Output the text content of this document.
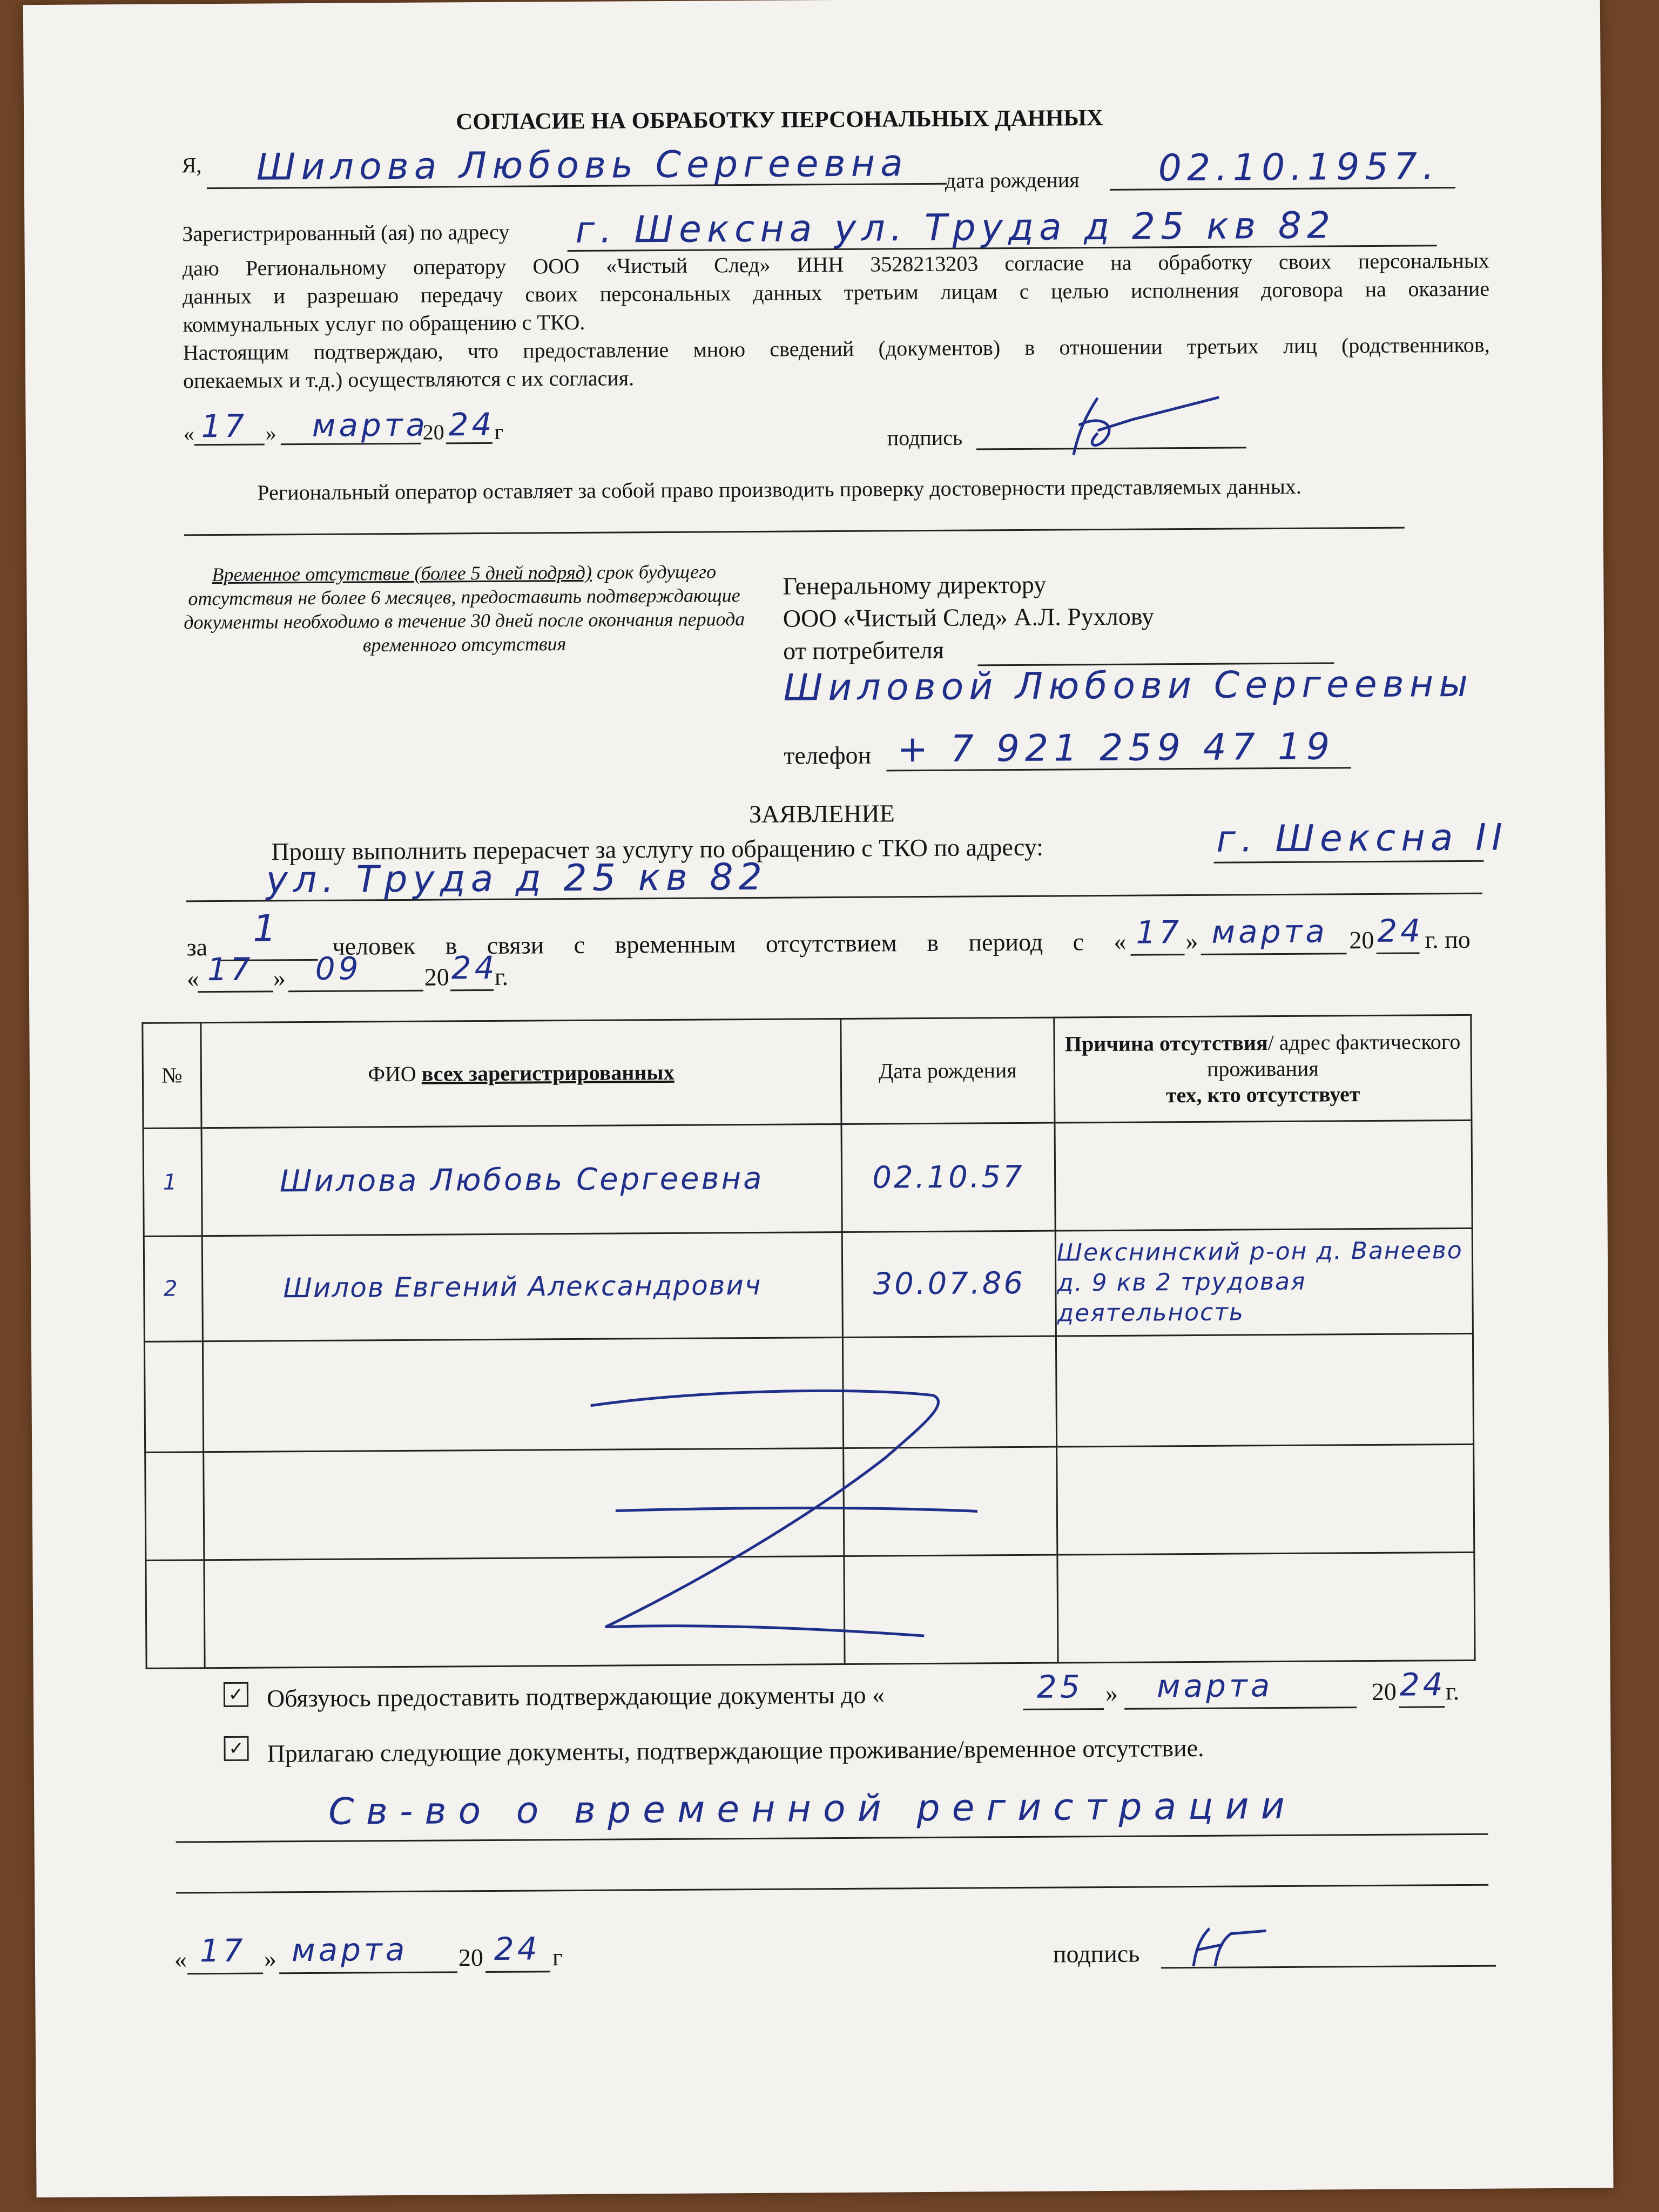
СОГЛАСИЕ НА ОБРАБОТКУ ПЕРСОНАЛЬНЫХ ДАННЫХ
Я, Шилова Любовь Сергеевна дата рождения 02.10.1957.
Зарегистрированный (ая) по адресу г. Шексна ул. Труда д 25 кв 82
даю Региональному оператору ООО «Чистый След» ИНН 3528213203 согласие на обработку своих персональных
данных и разрешаю передачу своих персональных данных третьим лицам с целью исполнения договора на оказание
коммунальных услуг по обращению с ТКО.
Настоящим подтверждаю, что предоставление мною сведений (документов) в отношении третьих лиц (родственников,
опекаемых и т.д.) осуществляются с их согласия.
« 17 » марта
20 24
г	подпись
Региональный оператор оставляет за собой право производить проверку достоверности представляемых данных.
Временное отсутствие (более 5 дней подряд) срок будущего отсутствия не более 6 месяцев, предоставить подтверждающие документы необходимо в течение 30 дней после окончания периода временного отсутствия
Генеральному директору
ООО «Чистый След» А.Л. Рухлову
от потребителя
Шиловой Любови Сергеевны
телефон + 7 921 259 47 19
ЗАЯВЛЕНИЕ
Прошу выполнить перерасчет за услугу по обращению с ТКО по адресу:	г. Шексна II
ул. Труда д 25 кв 82
за 1 человек в связи с временным отсутствием в период с « 17 » марта 20 24 г. по
« 17 » 09	20 24
г.
№	ФИО всех зарегистрированных	Дата рождения	Причина отсутствия/ адрес фактического проживания
тех, кто отсутствует
1	Шилова Любовь Сергеевна	02.10.57	
2	Шилов Евгений Александрович	30.07.86	Шекснинский р-он д. Ванеево д. 9 кв 2 трудовая деятельность

✓ Обязуюсь предоставить подтверждающие документы до «	25 » марта	20 24
г.
✓ Прилагаю следующие документы, подтверждающие проживание/временное отсутствие.
Св-во о временной регистрации
« 17 » марта 20 24 г	подпись
